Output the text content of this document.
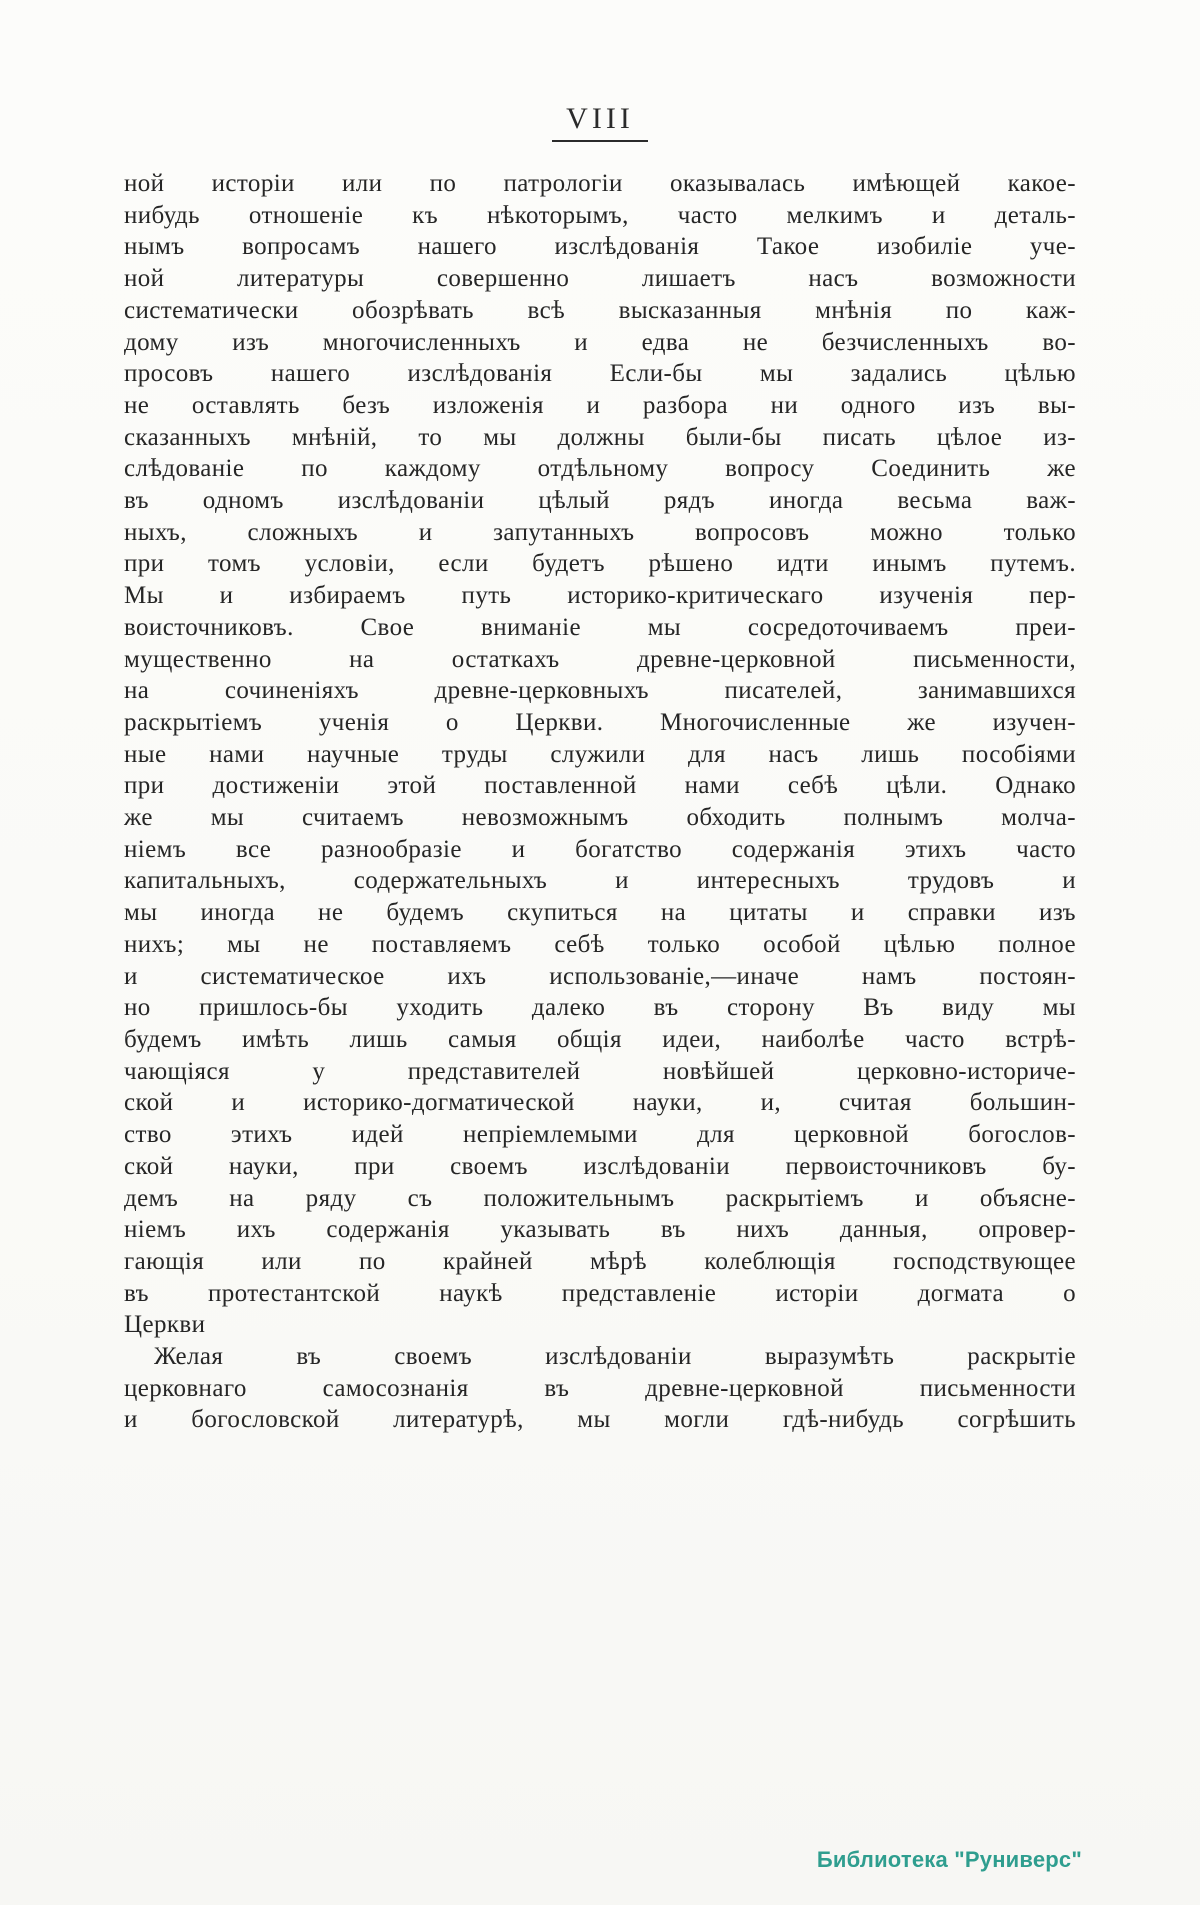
VIII
ной исторіи или по патрологіи оказывалась имѣющей какое-
нибудь отношеніе къ нѣкоторымъ, часто мелкимъ и деталь-
нымъ вопросамъ нашего изслѣдованія Такое изобиліе уче-
ной литературы совершенно лишаетъ насъ возможности
систематически обозрѣвать всѣ высказанныя мнѣнія по каж-
дому изъ многочисленныхъ и едва не безчисленныхъ во-
просовъ нашего изслѣдованія Если-бы мы задались цѣлью
не оставлять безъ изложенія и разбора ни одного изъ вы-
сказанныхъ мнѣній, то мы должны были-бы писать цѣлое из-
слѣдованіе по каждому отдѣльному вопросу Соединить же
въ одномъ изслѣдованіи цѣлый рядъ иногда весьма важ-
ныхъ, сложныхъ и запутанныхъ вопросовъ можно только
при томъ условіи, если будетъ рѣшено идти инымъ путемъ.
Мы и избираемъ путь историко-критическаго изученія пер-
воисточниковъ. Свое вниманіе мы сосредоточиваемъ преи-
мущественно на остаткахъ древне-церковной письменности,
на сочиненіяхъ древне-церковныхъ писателей, занимавшихся
раскрытіемъ ученія о Церкви. Многочисленные же изучен-
ные нами научные труды служили для насъ лишь пособіями
при достиженіи этой поставленной нами себѣ цѣли. Однако
же мы считаемъ невозможнымъ обходить полнымъ молча-
ніемъ все разнообразіе и богатство содержанія этихъ часто
капитальныхъ, содержательныхъ и интересныхъ трудовъ и
мы иногда не будемъ скупиться на цитаты и справки изъ
нихъ; мы не поставляемъ себѣ только особой цѣлью полное
и систематическое ихъ использованіе,—иначе намъ постоян-
но пришлось-бы уходить далеко въ сторону Въ виду мы
будемъ имѣть лишь самыя общія идеи, наиболѣе часто встрѣ-
чающіяся у представителей новѣйшей церковно-историче-
ской и историко-догматической науки, и, считая большин-
ство этихъ идей непріемлемыми для церковной богослов-
ской науки, при своемъ изслѣдованіи первоисточниковъ бу-
демъ на ряду съ положительнымъ раскрытіемъ и объясне-
ніемъ ихъ содержанія указывать въ нихъ данныя, опровер-
гающія или по крайней мѣрѣ колеблющія господствующее
въ протестантской наукѣ представленіе исторіи догмата о
Церкви
Желая въ своемъ изслѣдованіи выразумѣть раскрытіе
церковнаго самосознанія въ древне-церковной письменности
и богословской литературѣ, мы могли гдѣ-нибудь согрѣшить
Библиотека "Руниверс"
